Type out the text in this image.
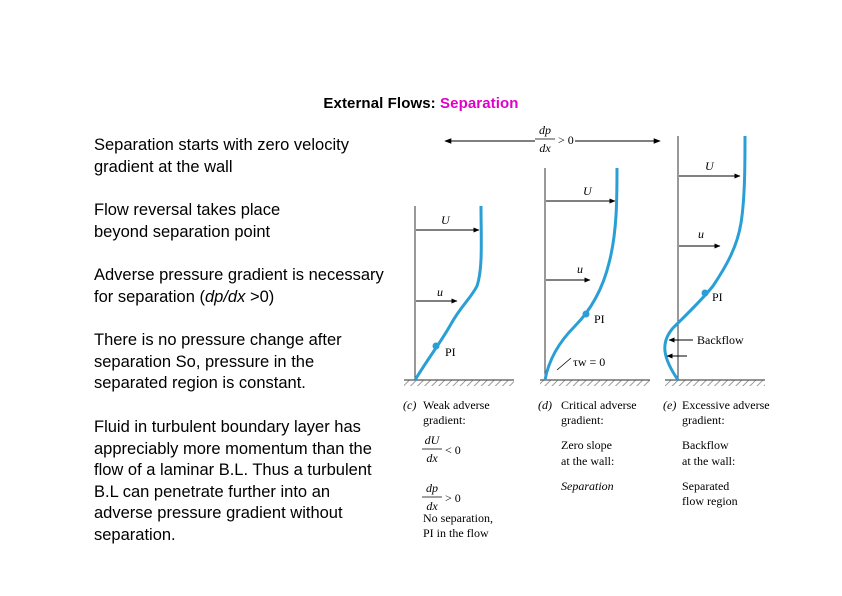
External Flows: Separation

Separation starts with zero velocity
gradient at the wall

Flow reversal takes place
beyond separation point

Adverse pressure gradient is necessary
for separation (dp/dx >0)

There is no pressure change after
separation So, pressure in the
separated region is constant.

Fluid in turbulent boundary layer has
appreciably more momentum than the
flow of a laminar B.L. Thus a turbulent
B.L can penetrate further into an
adverse pressure gradient without
separation.

dp
dx
> 0
U
u
PI
(c) Weak adverse
gradient:
dU
dx
dp
dx
< 0
> 0
No separation,
PI in the flow
U
u
PI
τw = 0
(d) Critical adverse
gradient:
Zero slope
at the wall:
Separation
U
u
PI
Backflow
(e) Excessive adverse
gradient:
Backflow
at the wall:
Separated
flow region
